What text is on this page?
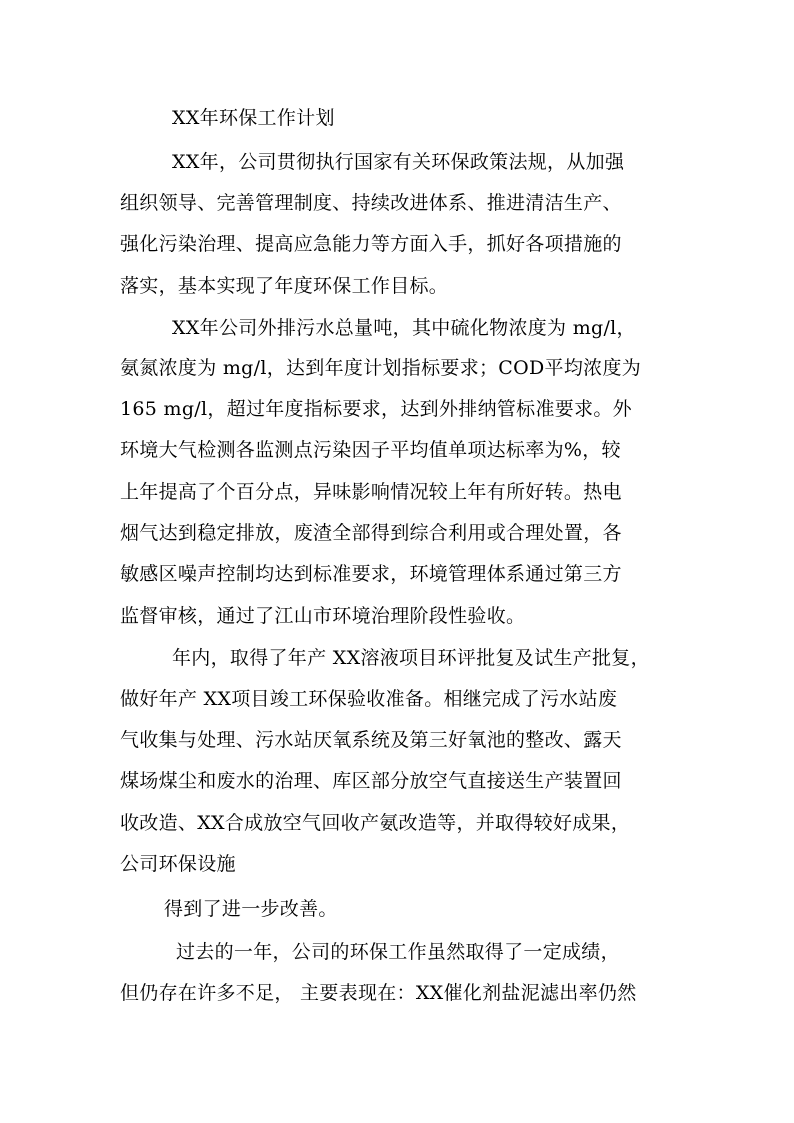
XX年环保工作计划
XX年，公司贯彻执行国家有关环保政策法规，从加强
组织领导、完善管理制度、持续改进体系、推进清洁生产、
强化污染治理、提高应急能力等方面入手，抓好各项措施的
落实，基本实现了年度环保工作目标。
XX年公司外排污水总量吨，其中硫化物浓度为 mg/l，
氨氮浓度为 mg/l，达到年度计划指标要求；COD平均浓度为
165 mg/l，超过年度指标要求，达到外排纳管标准要求。外
环境大气检测各监测点污染因子平均值单项达标率为%，较
上年提高了个百分点，异味影响情况较上年有所好转。热电
烟气达到稳定排放，废渣全部得到综合利用或合理处置，各
敏感区噪声控制均达到标准要求，环境管理体系通过第三方
监督审核，通过了江山市环境治理阶段性验收。
年内，取得了年产 XX溶液项目环评批复及试生产批复，
做好年产 XX项目竣工环保验收准备。相继完成了污水站废
气收集与处理、污水站厌氧系统及第三好氧池的整改、露天
煤场煤尘和废水的治理、库区部分放空气直接送生产装置回
收改造、XX合成放空气回收产氨改造等，并取得较好成果，
公司环保设施
得到了进一步改善。
过去的一年，公司的环保工作虽然取得了一定成绩，
但仍存在许多不足， 主要表现在：XX催化剂盐泥滤出率仍然
